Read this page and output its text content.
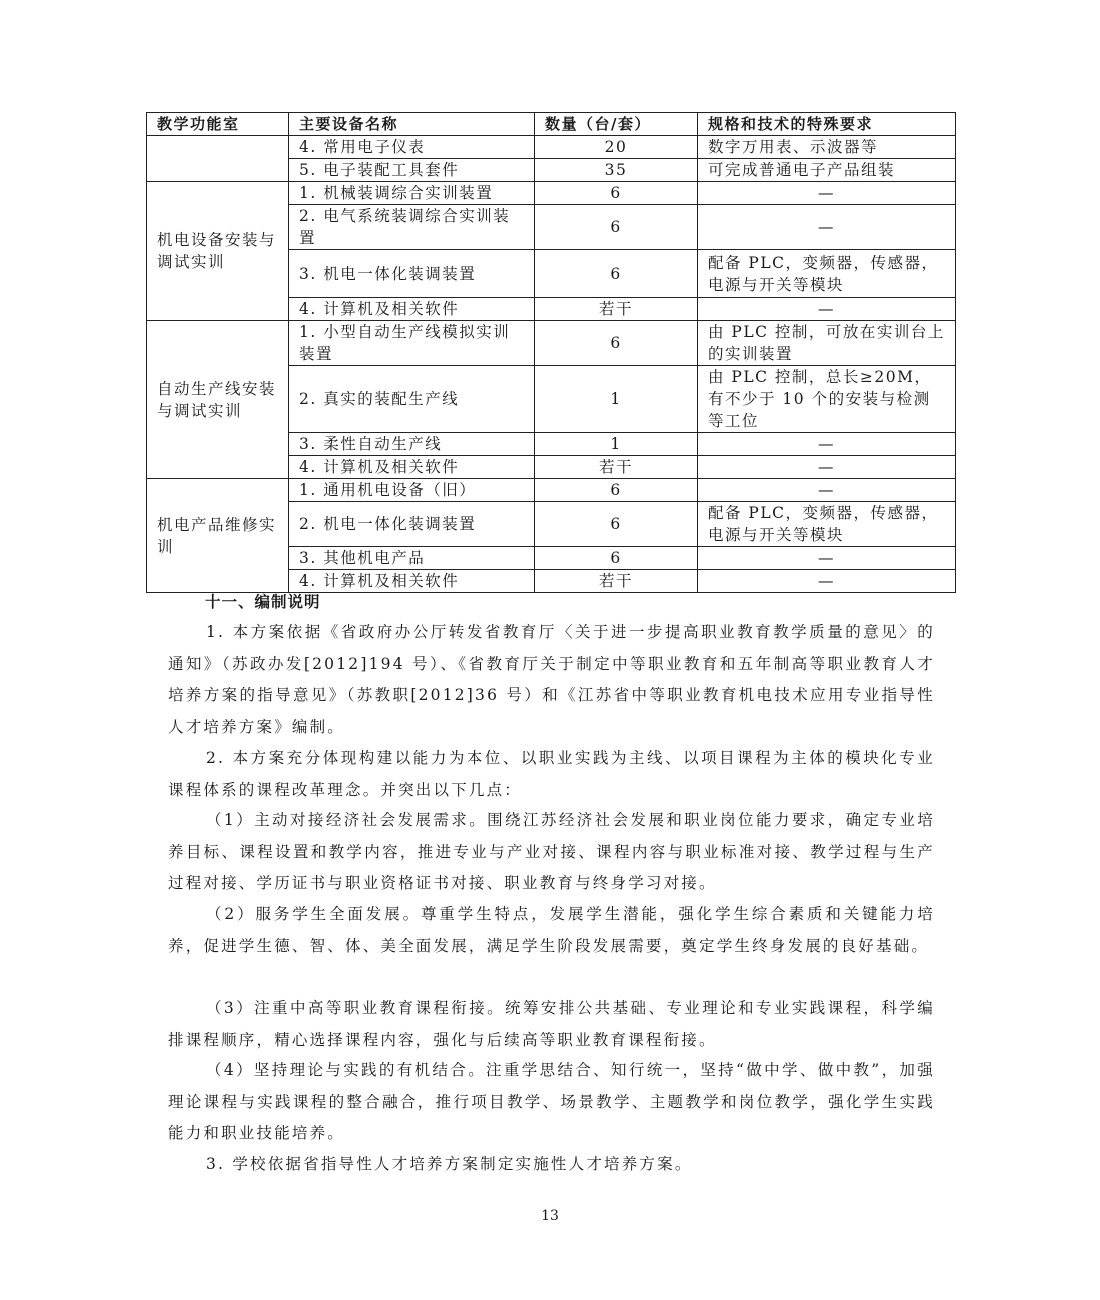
教学功能室	主要设备名称	数量（台/套）	规格和技术的特殊要求
	4. 常用电子仪表	20	数字万用表、示波器等
	5. 电子装配工具套件	35	可完成普通电子产品组装
机电设备安装与调试实训	1. 机械装调综合实训装置	6	—
	2. 电气系统装调综合实训装置	6	—
	3. 机电一体化装调装置	6	配备 PLC，变频器，传感器，电源与开关等模块
	4. 计算机及相关软件	若干	—
自动生产线安装与调试实训	1. 小型自动生产线模拟实训装置	6	由 PLC 控制，可放在实训台上的实训装置
	2. 真实的装配生产线	1	由 PLC 控制，总长≥20M，有不少于 10 个的安装与检测等工位
	3. 柔性自动生产线	1	—
	4. 计算机及相关软件	若干	—
机电产品维修实训	1. 通用机电设备（旧）	6	—
	2. 机电一体化装调装置	6	配备 PLC，变频器，传感器，电源与开关等模块
	3. 其他机电产品	6	—
	4. 计算机及相关软件	若干	—
十一、编制说明
1. 本方案依据《省政府办公厅转发省教育厅〈关于进一步提高职业教育教学质量的意见〉的通知》（苏政办发[2012]194 号）、《省教育厅关于制定中等职业教育和五年制高等职业教育人才培养方案的指导意见》（苏教职[2012]36 号）和《江苏省中等职业教育机电技术应用专业指导性人才培养方案》编制。
2. 本方案充分体现构建以能力为本位、以职业实践为主线、以项目课程为主体的模块化专业课程体系的课程改革理念。并突出以下几点：
（1）主动对接经济社会发展需求。围绕江苏经济社会发展和职业岗位能力要求，确定专业培养目标、课程设置和教学内容，推进专业与产业对接、课程内容与职业标准对接、教学过程与生产过程对接、学历证书与职业资格证书对接、职业教育与终身学习对接。
（2）服务学生全面发展。尊重学生特点，发展学生潜能，强化学生综合素质和关键能力培养，促进学生德、智、体、美全面发展，满足学生阶段发展需要，奠定学生终身发展的良好基础。
（3）注重中高等职业教育课程衔接。统筹安排公共基础、专业理论和专业实践课程，科学编排课程顺序，精心选择课程内容，强化与后续高等职业教育课程衔接。
（4）坚持理论与实践的有机结合。注重学思结合、知行统一，坚持“做中学、做中教”，加强理论课程与实践课程的整合融合，推行项目教学、场景教学、主题教学和岗位教学，强化学生实践能力和职业技能培养。
3. 学校依据省指导性人才培养方案制定实施性人才培养方案。
13
